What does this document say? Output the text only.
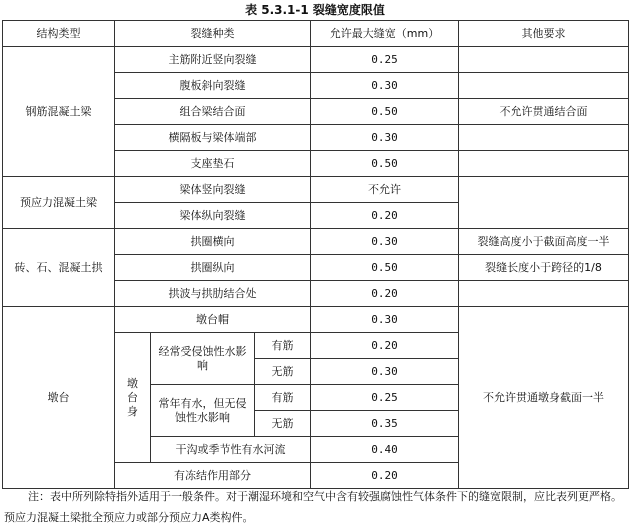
表 5.3.1-1 裂缝宽度限值
结构类型	裂缝种类			允许最大缝宽（mm）	其他要求
钢筋混凝土梁	主筋附近竖向裂缝			0.25	
	腹板斜向裂缝			0.30	
	组合梁结合面			0.50	不允许贯通结合面
	横隔板与梁体端部			0.30	
	支座垫石			0.50	
预应力混凝土梁	梁体竖向裂缝			不允许	
	梁体纵向裂缝			0.20	
砖、石、混凝土拱	拱圈横向			0.30	裂缝高度小于截面高度一半
	拱圈纵向			0.50	裂缝长度小于跨径的1/8
	拱波与拱肋结合处			0.20	
墩台	墩台帽			0.30	不允许贯通墩身截面一半
	墩台身	经常受侵蚀性水影响	有筋	0.20	
			无筋	0.30	
		常年有水，但无侵蚀性水影响	有筋	0.25	
			无筋	0.35	
		干沟或季节性有水河流		0.40	
	有冻结作用部分			0.20	

注：表中所列除特指外适用于一般条件。对于潮湿环境和空气中含有较强腐蚀性气体条件下的缝宽限制，应比表列更严格。预应力混凝土梁批全预应力或部分预应力A类构件。
